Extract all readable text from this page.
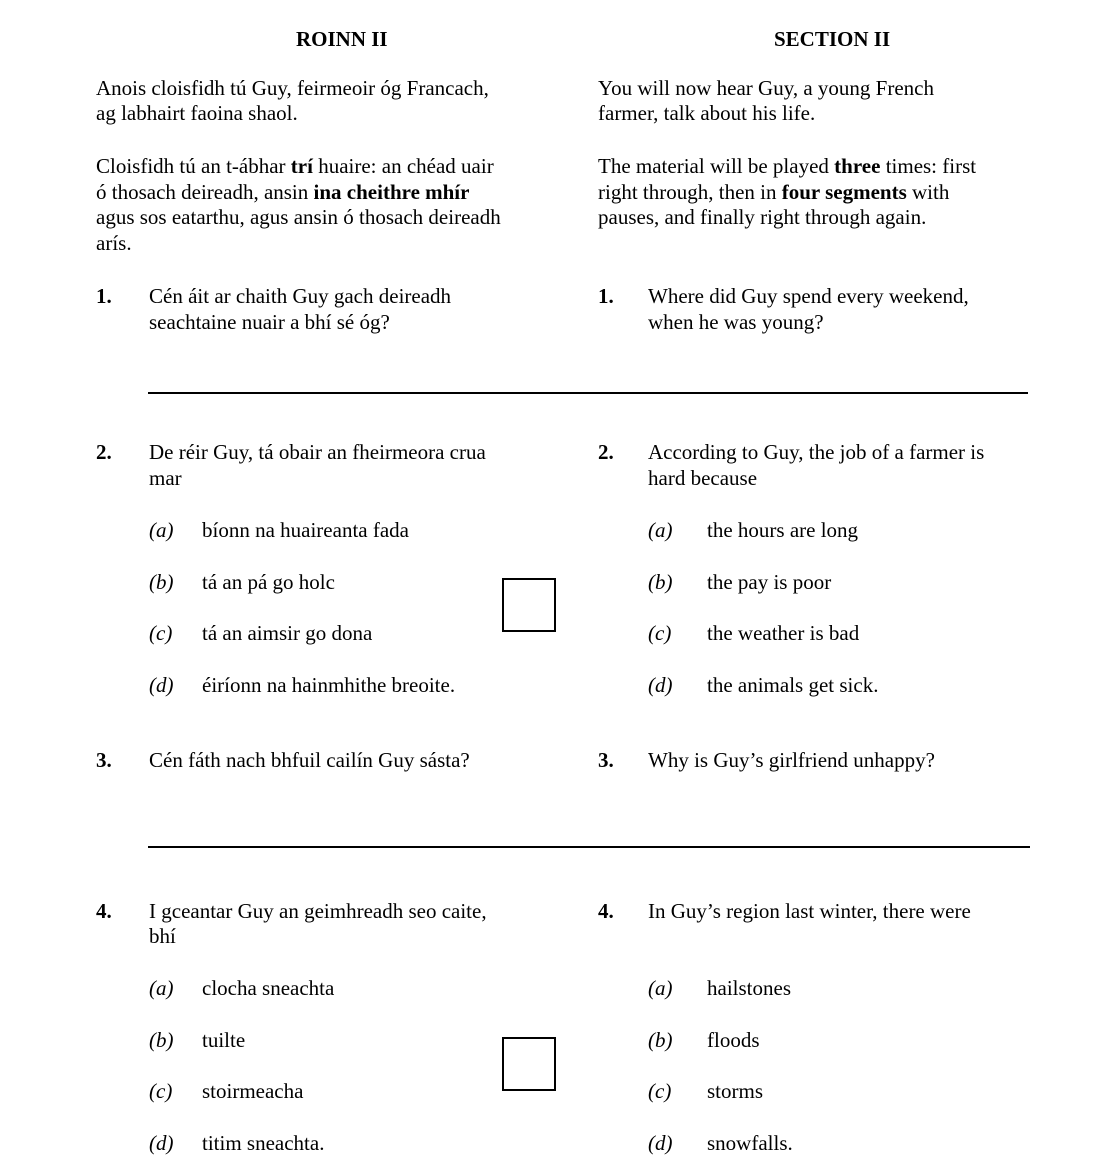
ROINN II	SECTION II
Anois cloisfidh tú Guy, feirmeoir óg Francach,
ag labhairt faoina shaol.
You will now hear Guy, a young French
farmer, talk about his life.
Cloisfidh tú an t-ábhar trí huaire: an chéad uair
ó thosach deireadh, ansin ina cheithre mhír
agus sos eatarthu, agus ansin ó thosach deireadh
arís.
The material will be played three times: first
right through, then in four segments with
pauses, and finally right through again.
1. Cén áit ar chaith Guy gach deireadh
seachtaine nuair a bhí sé óg?
1. Where did Guy spend every weekend,
when he was young?
2. De réir Guy, tá obair an fheirmeora crua
mar
2. According to Guy, the job of a farmer is
hard because
(a) bíonn na huaireanta fada
(b) tá an pá go holc
(c) tá an aimsir go dona
(d) éiríonn na hainmhithe breoite.
(a) the hours are long
(b) the pay is poor
(c) the weather is bad
(d) the animals get sick.
3. Cén fáth nach bhfuil cailín Guy sásta?	3. Why is Guy’s girlfriend unhappy?
4. I gceantar Guy an geimhreadh seo caite,
bhí
4. In Guy’s region last winter, there were
(a) clocha sneachta
(b) tuilte
(c) stoirmeacha
(d) titim sneachta.
(a) hailstones
(b) floods
(c) storms
(d) snowfalls.
